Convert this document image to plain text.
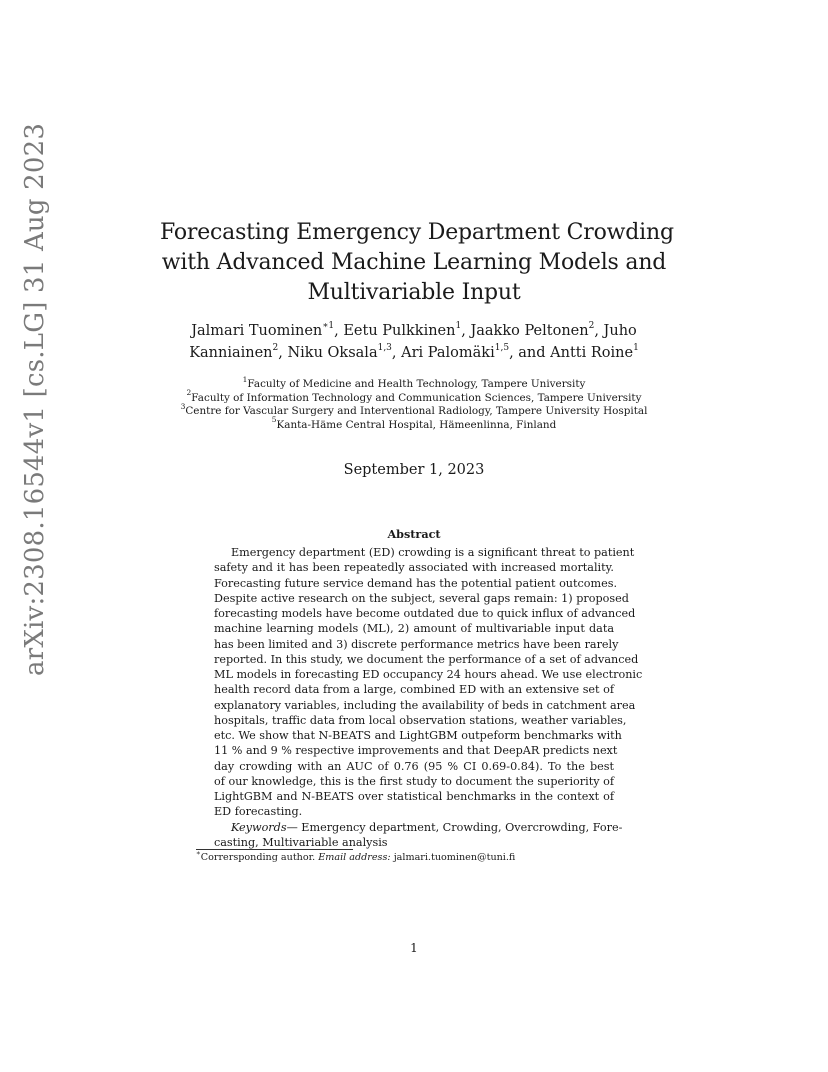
arXiv:2308.16544v1 [cs.LG] 31 Aug 2023	Forecasting Emergency Department Crowding
with Advanced Machine Learning Models and
Multivariable Input
Jalmari Tuominen$^{∗1}$, Eetu Pulkkinen$^1$, Jaakko Peltonen$^2$, Juho
Kanniainen$^2$, Niku Oksala$^{1,3}$, Ari Palomäki$^{1,5}$, and Antti Roine$^1$
$^1$Faculty of Medicine and Health Technology, Tampere University
$^2$Faculty of Information Technology and Communication Sciences, Tampere University
$^3$Centre for Vascular Surgery and Interventional Radiology, Tampere University Hospital
$^5$Kanta-Häme Central Hospital, Hämeenlinna, Finland
September 1, 2023
Abstract
Emergency department (ED) crowding is a significant threat to patient
safety and it has been repeatedly associated with increased mortality.
Forecasting future service demand has the potential patient outcomes.
Despite active research on the subject, several gaps remain: 1) proposed
forecasting models have become outdated due to quick influx of advanced
machine learning models (ML), 2) amount of multivariable input data
has been limited and 3) discrete performance metrics have been rarely
reported. In this study, we document the performance of a set of advanced
ML models in forecasting ED occupancy 24 hours ahead. We use electronic
health record data from a large, combined ED with an extensive set of
explanatory variables, including the availability of beds in catchment area
hospitals, traffic data from local observation stations, weather variables,
etc. We show that N-BEATS and LightGBM outpeform benchmarks with
11 % and 9 % respective improvements and that DeepAR predicts next
day crowding with an AUC of 0.76 (95 % CI 0.69-0.84). To the best
of our knowledge, this is the first study to document the superiority of
LightGBM and N-BEATS over statistical benchmarks in the context of
ED forecasting.
Keywords— Emergency department, Crowding, Overcrowding, Fore-
casting, Multivariable analysis
∗Corrersponding author. Email address: jalmari.tuominen@tuni.fi
1
